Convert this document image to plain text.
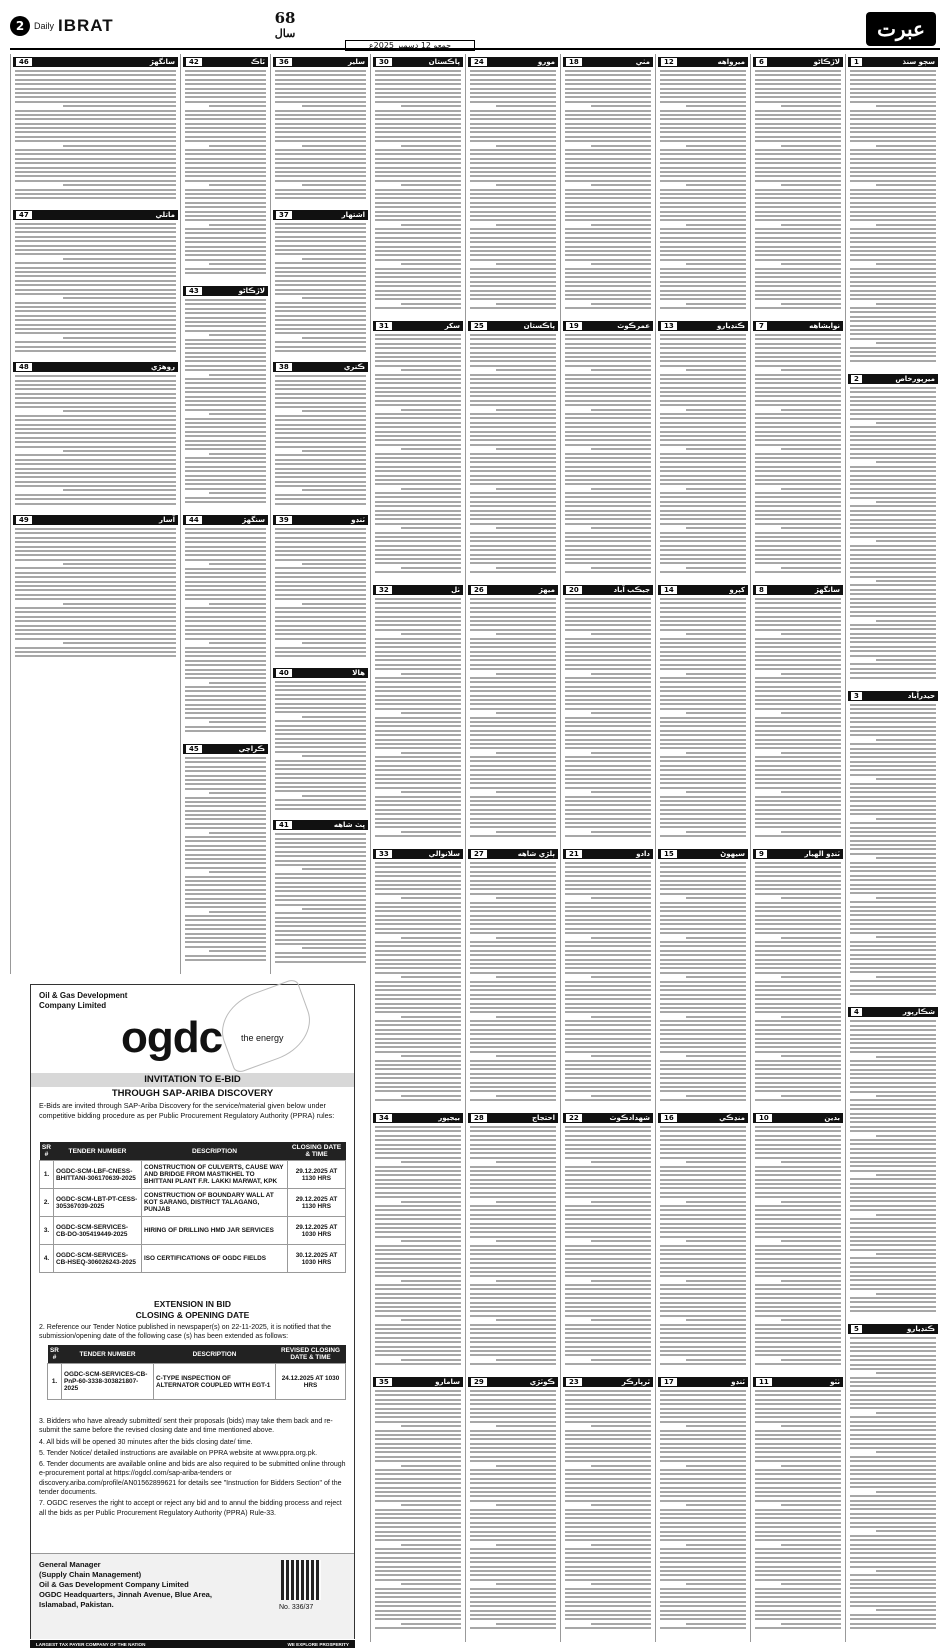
2	Daily IBRAT	68
سال
جمعو 12 ڊسمبر 2025ع
عبرت
1	سڄو سنڌ
2	ميرپورخاص
3	حيدرآباد
4	شڪارپور
5	ڪنڊيارو
6	لاڙڪاڻو
7	نوابشاهه
8	سانگهڙ
9	ٽنڊو الهيار
10	بدين
11	ٺٽو
12	ميرواهه
13	ڪنڊيارو
14	کپرو
15	سيهوڻ
16	منڍڪي
17	ٽنڊو
18	مٺي
19	عمرڪوٽ
20	جيڪب آباد
21	دادو
22	شهدادڪوٽ
23	ٿرپارڪر
24	مورو
25	پاڪستان
26	ميهڙ
27	ٻلڙي شاهه
28	احتجاج
29	ڪوٽڙي
30	پاڪستان
31	سکر
32	ٺل
33	سلانوالي
34	بيجپور
35	سامارو
36	سلير
37	اشتهار
38	ڪنري
39	ٽنڊو
40	هالا
41	ڀٽ شاهه
42	ٽاڪ
43	لاڙڪاڻو
44	سنگهڙ
45	ڪراچي
46	سانگهڙ
47	ماتلي
48	روهڙي
49	آسار
Oil & Gas Development
Company Limited
ogdc the energy
INVITATION TO E-BID
THROUGH SAP-ARIBA DISCOVERY
E-Bids are invited through SAP-Ariba Discovery for the service/material given below under competitive bidding procedure as per Public Procurement Regulatory Authority (PPRA) rules:
SR #	TENDER NUMBER	DESCRIPTION	CLOSING DATE & TIME
1.	OGDC-SCM-LBF-CNESS-BHITTANI-306170639-2025	CONSTRUCTION OF CULVERTS, CAUSE WAY AND BRIDGE FROM MASTIKHEL TO BHITTANI PLANT F.R. LAKKI MARWAT, KPK	29.12.2025 AT 1130 HRS
2.	OGDC-SCM-LBT-PT-CESS-305367039-2025	CONSTRUCTION OF BOUNDARY WALL AT KOT SARANG, DISTRICT TALAGANG, PUNJAB	29.12.2025 AT 1130 HRS
3.	OGDC-SCM-SERVICES-CB-DO-305419449-2025	HIRING OF DRILLING HMD JAR SERVICES	29.12.2025 AT 1030 HRS
4.	OGDC-SCM-SERVICES-CB-HSEQ-306026243-2025	ISO CERTIFICATIONS OF OGDC FIELDS	30.12.2025 AT 1030 HRS
EXTENSION IN BID
CLOSING & OPENING DATE
2. Reference our Tender Notice published in newspaper(s) on 22-11-2025, it is notified that the submission/opening date of the following case (s) has been extended as follows:
SR #	TENDER NUMBER	DESCRIPTION	REVISED CLOSING DATE & TIME
1.	OGDC-SCM-SERVICES-CB-PnP-60-3338-303821807-2025	C-TYPE INSPECTION OF ALTERNATOR COUPLED WITH EGT-1	24.12.2025 AT 1030 HRS
3. Bidders who have already submitted/ sent their proposals (bids) may take them back and re-submit the same before the revised closing date and time mentioned above.
4. All bids will be opened 30 minutes after the bids closing date/ time.
5. Tender Notice/ detailed instructions are available on PPRA website at www.ppra.org.pk.
6. Tender documents are available online and bids are also required to be submitted online through e-procurement portal at https://ogdcl.com/sap-ariba-tenders or discovery.ariba.com/profile/AN01562899621 for details see "Instruction for Bidders Section" of the tender documents.
7. OGDC reserves the right to accept or reject any bid and to annul the bidding process and reject all the bids as per Public Procurement Regulatory Authority (PPRA) Rule-33.
General Manager
(Supply Chain Management)
Oil & Gas Development Company Limited
OGDC Headquarters, Jinnah Avenue, Blue Area,
Islamabad, Pakistan.	No. 336/37
LARGEST TAX PAYER COMPANY OF THE NATION	WE EXPLORE PROSPERITY
